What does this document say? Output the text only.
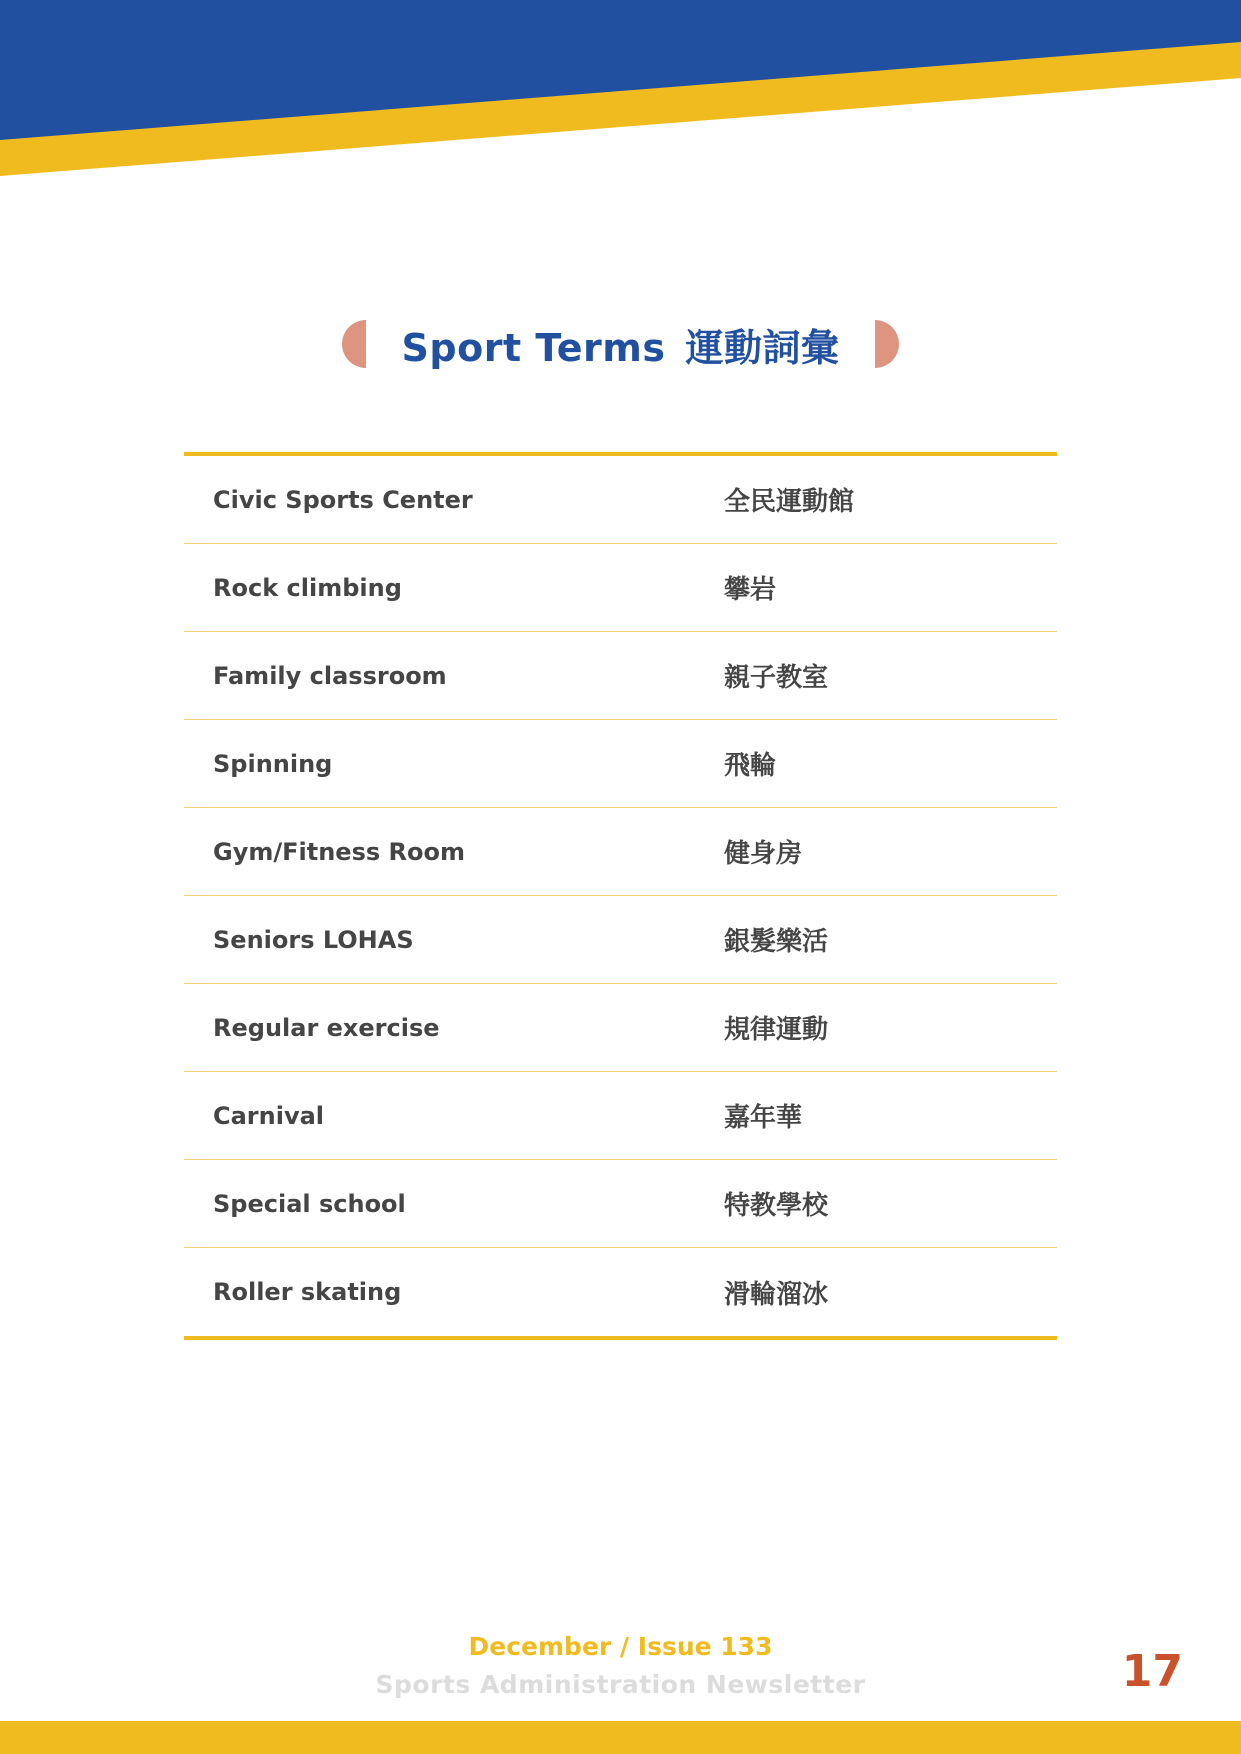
Sport Terms 運動詞彙
Civic Sports Center	全民運動館
Rock climbing	攀岩
Family classroom	親子教室
Spinning	飛輪
Gym/Fitness Room	健身房
Seniors LOHAS	銀髮樂活
Regular exercise	規律運動
Carnival	嘉年華
Special school	特教學校
Roller skating	滑輪溜冰
December / Issue 133
Sports Administration Newsletter	17
